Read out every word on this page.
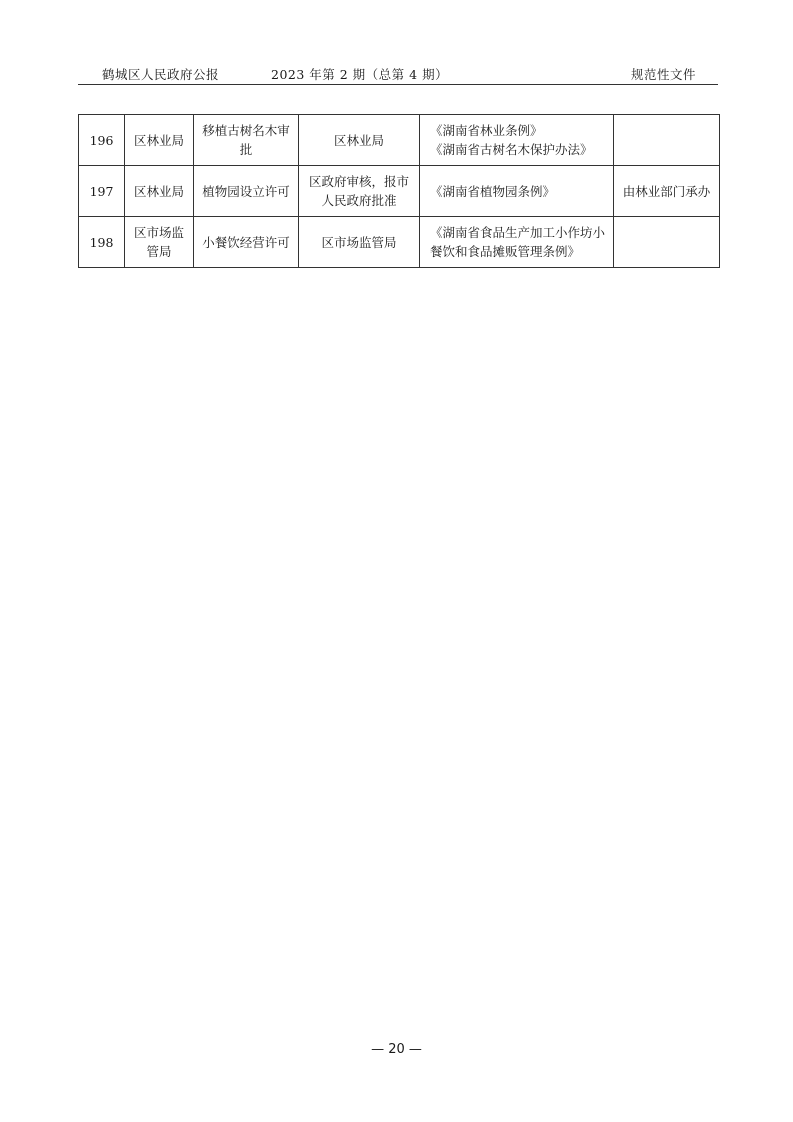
鹤城区人民政府公报	2023 年第 2 期（总第 4 期）	规范性文件
196	区林业局	移植古树名木审批	区林业局	《湖南省林业条例》
《湖南省古树名木保护办法》	

197	区林业局	植物园设立许可	区政府审核，报市人民政府批准	《湖南省植物园条例》	由林业部门承办
198	区市场监管局	小餐饮经营许可	区市场监管局	《湖南省食品生产加工小作坊小餐饮和食品摊贩管理条例》	

— 20 —
